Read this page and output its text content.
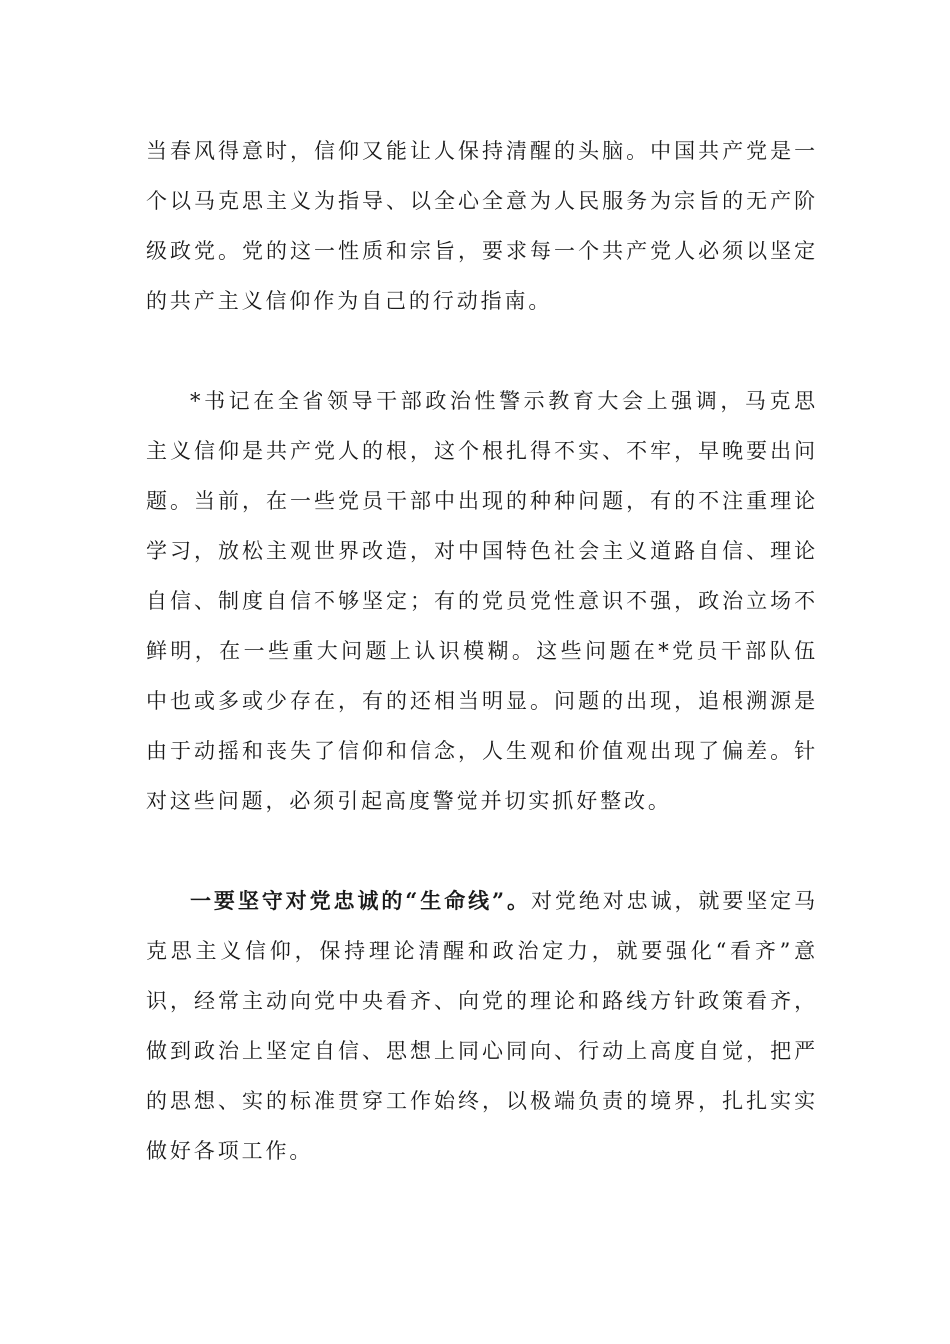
当春风得意时，信仰又能让人保持清醒的头脑。中国共产党是一个以马克思主义为指导、以全心全意为人民服务为宗旨的无产阶级政党。党的这一性质和宗旨，要求每一个共产党人必须以坚定的共产主义信仰作为自己的行动指南。

*书记在全省领导干部政治性警示教育大会上强调，马克思主义信仰是共产党人的根，这个根扎得不实、不牢，早晚要出问题。当前，在一些党员干部中出现的种种问题，有的不注重理论学习，放松主观世界改造，对中国特色社会主义道路自信、理论自信、制度自信不够坚定；有的党员党性意识不强，政治立场不鲜明，在一些重大问题上认识模糊。这些问题在*党员干部队伍中也或多或少存在，有的还相当明显。问题的出现，追根溯源是由于动摇和丧失了信仰和信念，人生观和价值观出现了偏差。针对这些问题，必须引起高度警觉并切实抓好整改。

一要坚守对党忠诚的“生命线”。对党绝对忠诚，就要坚定马克思主义信仰，保持理论清醒和政治定力，就要强化“看齐”意识，经常主动向党中央看齐、向党的理论和路线方针政策看齐，做到政治上坚定自信、思想上同心同向、行动上高度自觉，把严的思想、实的标准贯穿工作始终，以极端负责的境界，扎扎实实做好各项工作。
